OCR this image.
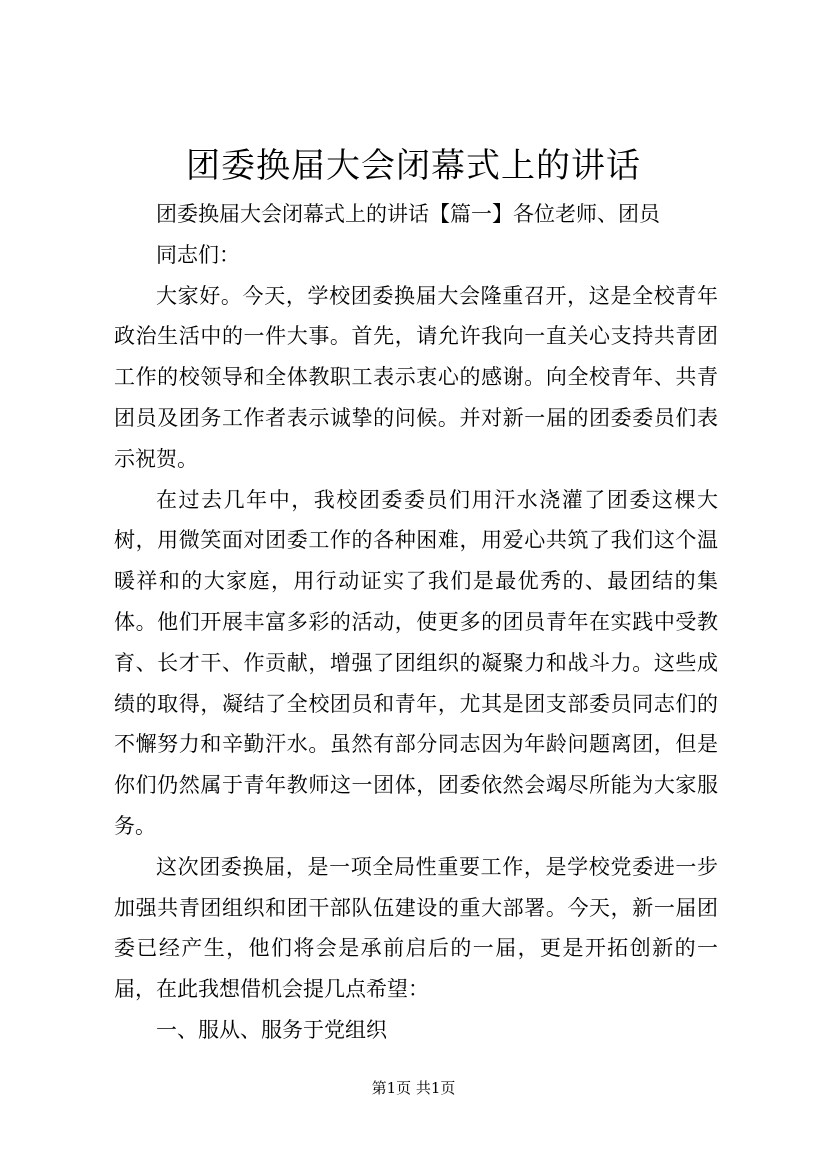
团委换届大会闭幕式上的讲话

团委换届大会闭幕式上的讲话【篇一】各位老师、团员

同志们：

大家好。今天，学校团委换届大会隆重召开，这是全校青年政治生活中的一件大事。首先，请允许我向一直关心支持共青团工作的校领导和全体教职工表示衷心的感谢。向全校青年、共青团员及团务工作者表示诚挚的问候。并对新一届的团委委员们表示祝贺。

在过去几年中，我校团委委员们用汗水浇灌了团委这棵大树，用微笑面对团委工作的各种困难，用爱心共筑了我们这个温暖祥和的大家庭，用行动证实了我们是最优秀的、最团结的集体。他们开展丰富多彩的活动，使更多的团员青年在实践中受教育、长才干、作贡献，增强了团组织的凝聚力和战斗力。这些成绩的取得，凝结了全校团员和青年，尤其是团支部委员同志们的不懈努力和辛勤汗水。虽然有部分同志因为年龄问题离团，但是你们仍然属于青年教师这一团体，团委依然会竭尽所能为大家服务。

这次团委换届，是一项全局性重要工作，是学校党委进一步加强共青团组织和团干部队伍建设的重大部署。今天，新一届团委已经产生，他们将会是承前启后的一届，更是开拓创新的一届，在此我想借机会提几点希望：

一、服从、服务于党组织

第1页 共1页
